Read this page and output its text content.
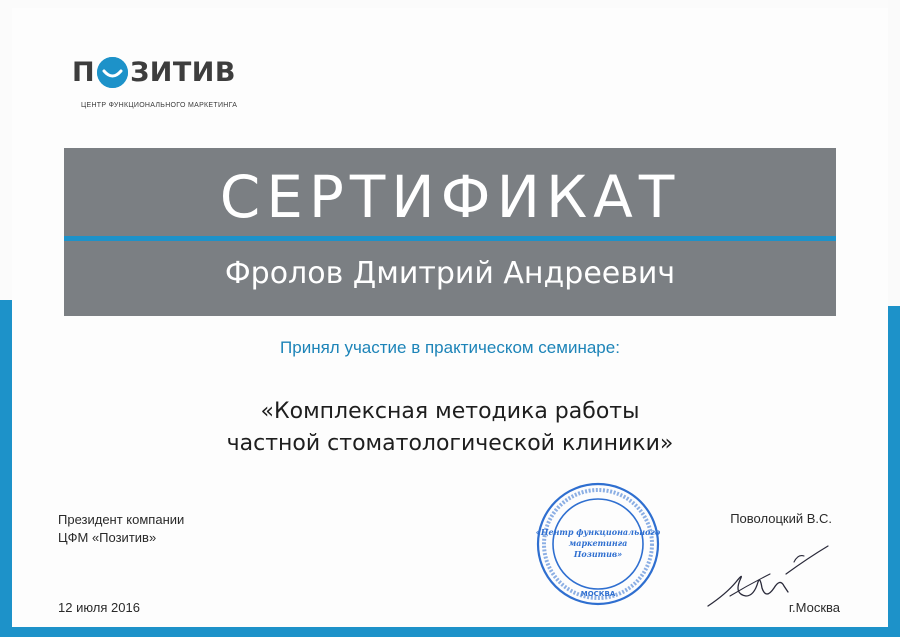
П ЗИТИВ
ЦЕНТР ФУНКЦИОНАЛЬНОГО МАРКЕТИНГА
СЕРТИФИКАТ
Фролов Дмитрий Андреевич
Принял участие в практическом семинаре:
«Комплексная методика работы
частной стоматологической клиники»
Президент компании
ЦФМ «Позитив»
12 июля 2016
«Центр функционального
маркетинга
Позитив»
МОСКВА
Поволоцкий В.С.
г.Москва
